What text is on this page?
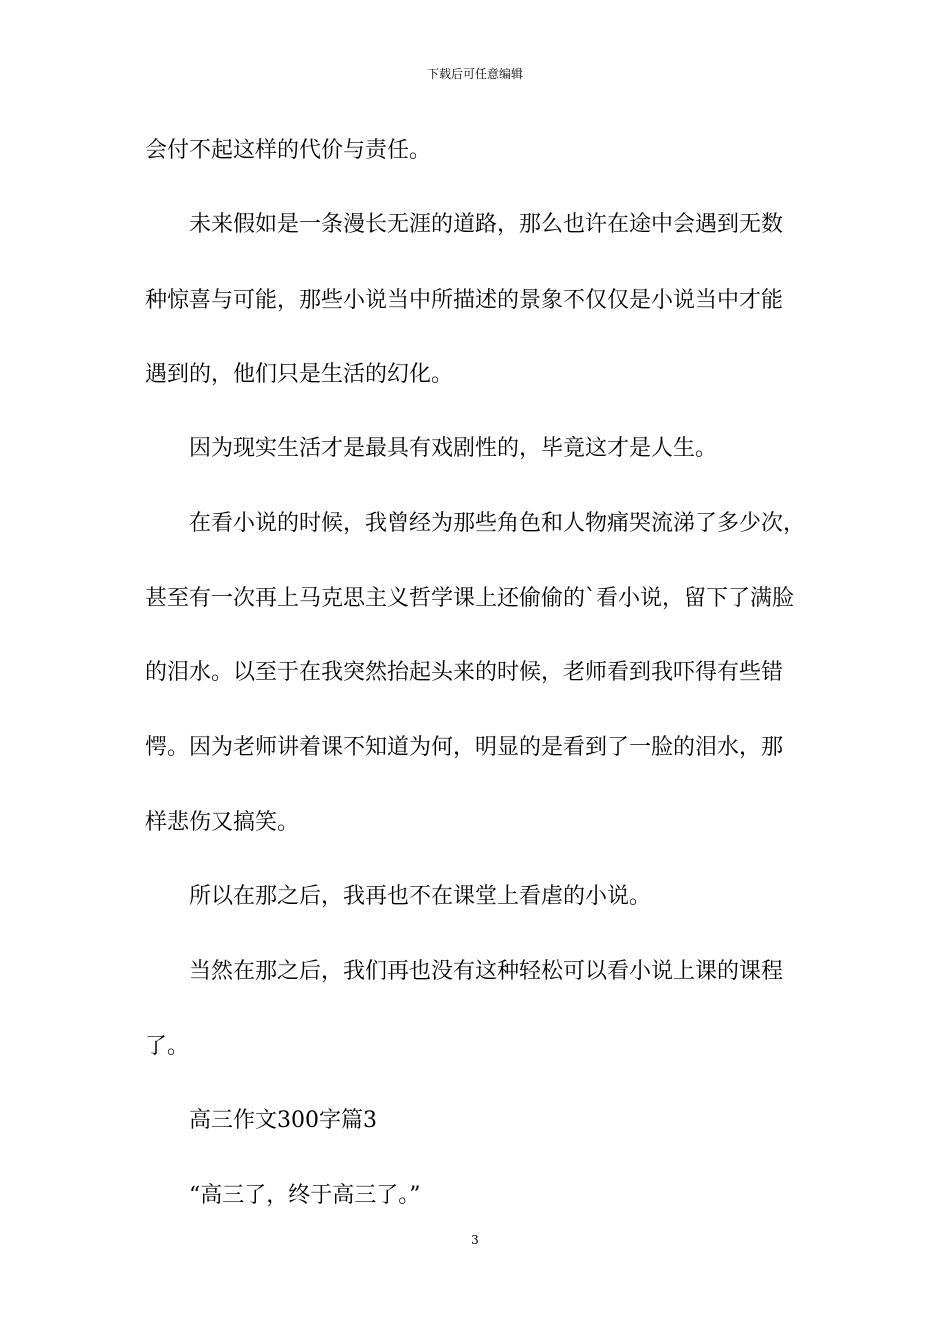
下载后可任意编辑
会付不起这样的代价与责任。
　　未来假如是一条漫长无涯的道路，那么也许在途中会遇到无数
种惊喜与可能，那些小说当中所描述的景象不仅仅是小说当中才能
遇到的，他们只是生活的幻化。
　　因为现实生活才是最具有戏剧性的，毕竟这才是人生。
　　在看小说的时候，我曾经为那些角色和人物痛哭流涕了多少次，
甚至有一次再上马克思主义哲学课上还偷偷的`看小说，留下了满脸
的泪水。以至于在我突然抬起头来的时候，老师看到我吓得有些错
愕。因为老师讲着课不知道为何，明显的是看到了一脸的泪水，那
样悲伤又搞笑。
　　所以在那之后，我再也不在课堂上看虐的小说。
　　当然在那之后，我们再也没有这种轻松可以看小说上课的课程
了。
　　高三作文300字篇3
　　“高三了，终于高三了。”
3
